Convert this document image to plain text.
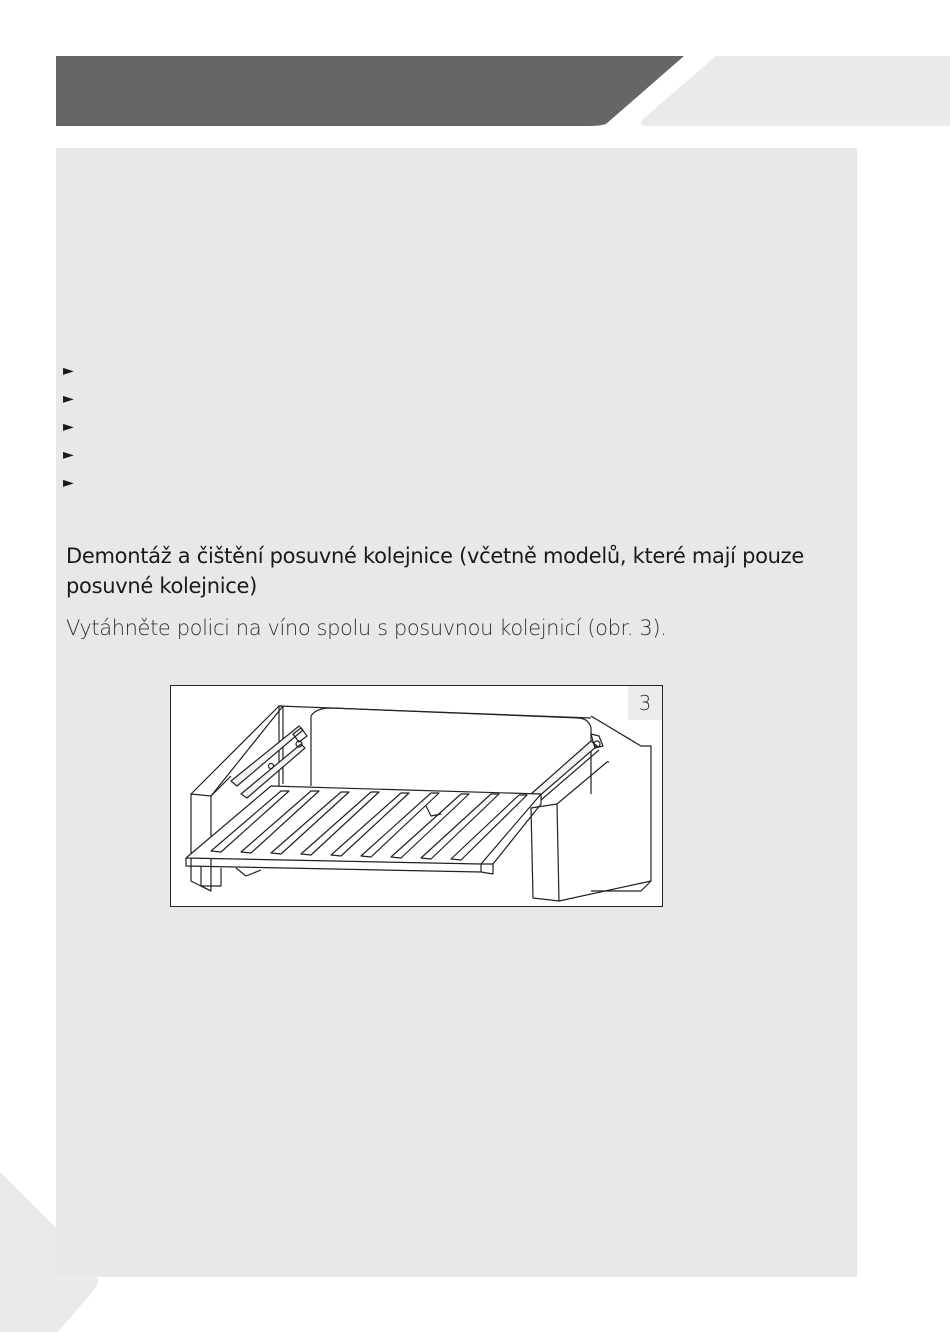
►
►
►
►
►
Demontáž a čištění posuvné kolejnice (včetně modelů, které mají pouze posuvné kolejnice)

Vytáhněte polici na víno spolu s posuvnou kolejnicí (obr. 3).

3
